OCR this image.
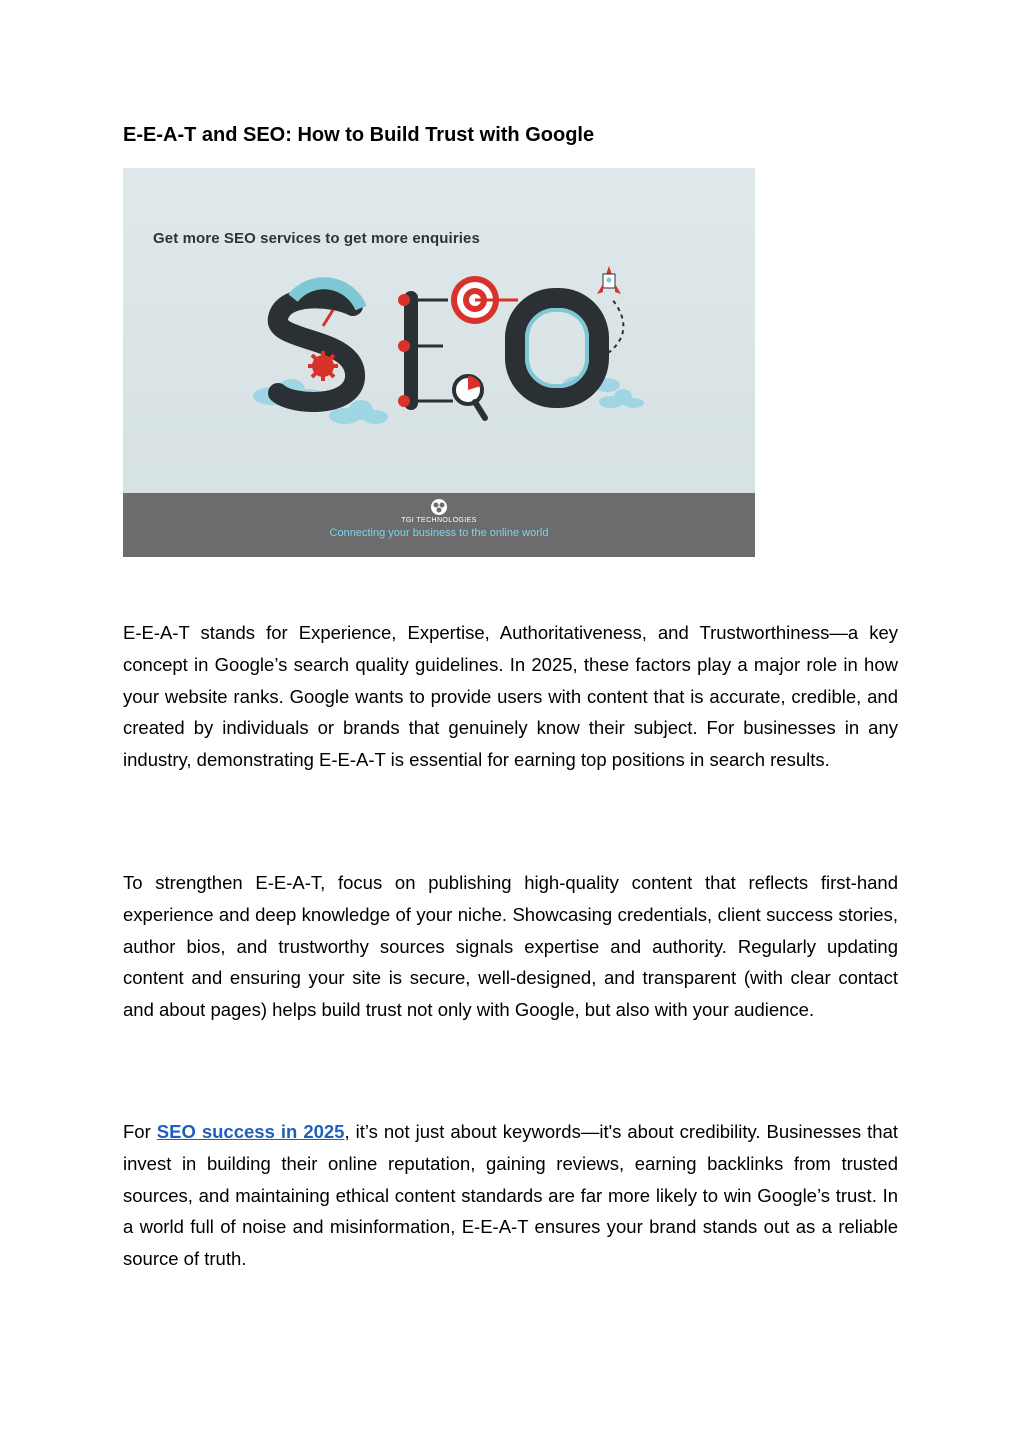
E-E-A-T and SEO: How to Build Trust with Google
Get more SEO services to get more enquiries
TGI TECHNOLOGIES
Connecting your business to the online world

E-E-A-T stands for Experience, Expertise, Authoritativeness, and Trustworthiness—a key concept in Google’s search quality guidelines. In 2025, these factors play a major role in how your website ranks. Google wants to provide users with content that is accurate, credible, and created by individuals or brands that genuinely know their subject. For businesses in any industry, demonstrating E-E-A-T is essential for earning top positions in search results.

To strengthen E-E-A-T, focus on publishing high-quality content that reflects first-hand experience and deep knowledge of your niche. Showcasing credentials, client success stories, author bios, and trustworthy sources signals expertise and authority. Regularly updating content and ensuring your site is secure, well-designed, and transparent (with clear contact and about pages) helps build trust not only with Google, but also with your audience.

For SEO success in 2025, it’s not just about keywords—it's about credibility. Businesses that invest in building their online reputation, gaining reviews, earning backlinks from trusted sources, and maintaining ethical content standards are far more likely to win Google’s trust. In a world full of noise and misinformation, E-E-A-T ensures your brand stands out as a reliable source of truth.
